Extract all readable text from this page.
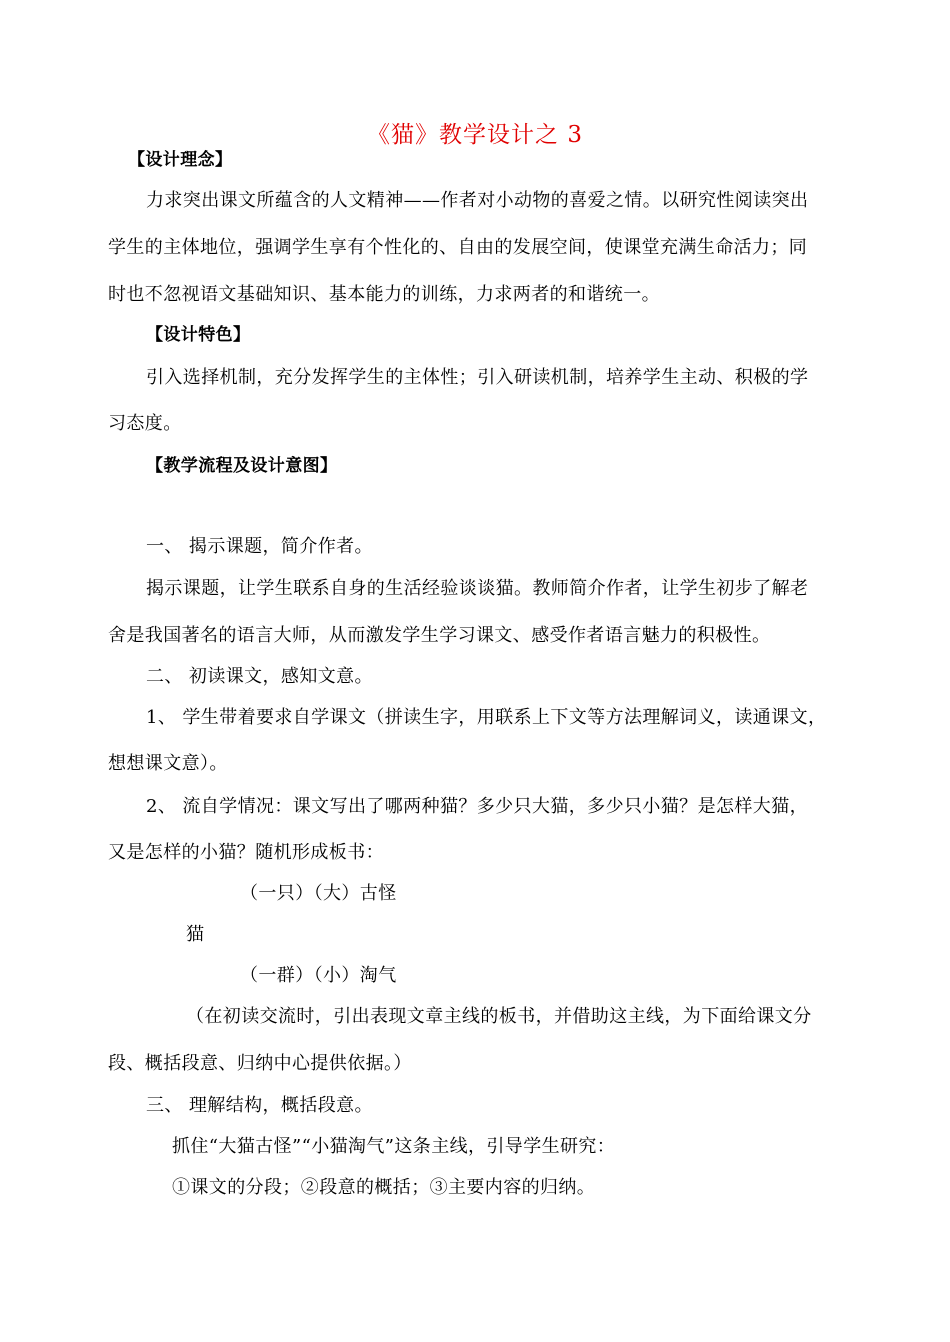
《猫》教学设计之 3
【设计理念】
力求突出课文所蕴含的人文精神——作者对小动物的喜爱之情。以研究性阅读突出
学生的主体地位，强调学生享有个性化的、自由的发展空间，使课堂充满生命活力；同
时也不忽视语文基础知识、基本能力的训练，力求两者的和谐统一。
【设计特色】
引入选择机制，充分发挥学生的主体性；引入研读机制，培养学生主动、积极的学
习态度。
【教学流程及设计意图】
一、 揭示课题，简介作者。
揭示课题，让学生联系自身的生活经验谈谈猫。教师简介作者，让学生初步了解老
舍是我国著名的语言大师，从而激发学生学习课文、感受作者语言魅力的积极性。
二、 初读课文，感知文意。
1、 学生带着要求自学课文（拼读生字，用联系上下文等方法理解词义，读通课文，
想想课文意）。
2、 流自学情况：课文写出了哪两种猫？多少只大猫，多少只小猫？是怎样大猫，
又是怎样的小猫？随机形成板书：
（一只）（大）古怪
猫
（一群）（小）淘气
（在初读交流时，引出表现文章主线的板书，并借助这主线，为下面给课文分
段、概括段意、归纳中心提供依据。）
三、 理解结构，概括段意。
抓住“大猫古怪”“小猫淘气”这条主线，引导学生研究：
①课文的分段；②段意的概括；③主要内容的归纳。
